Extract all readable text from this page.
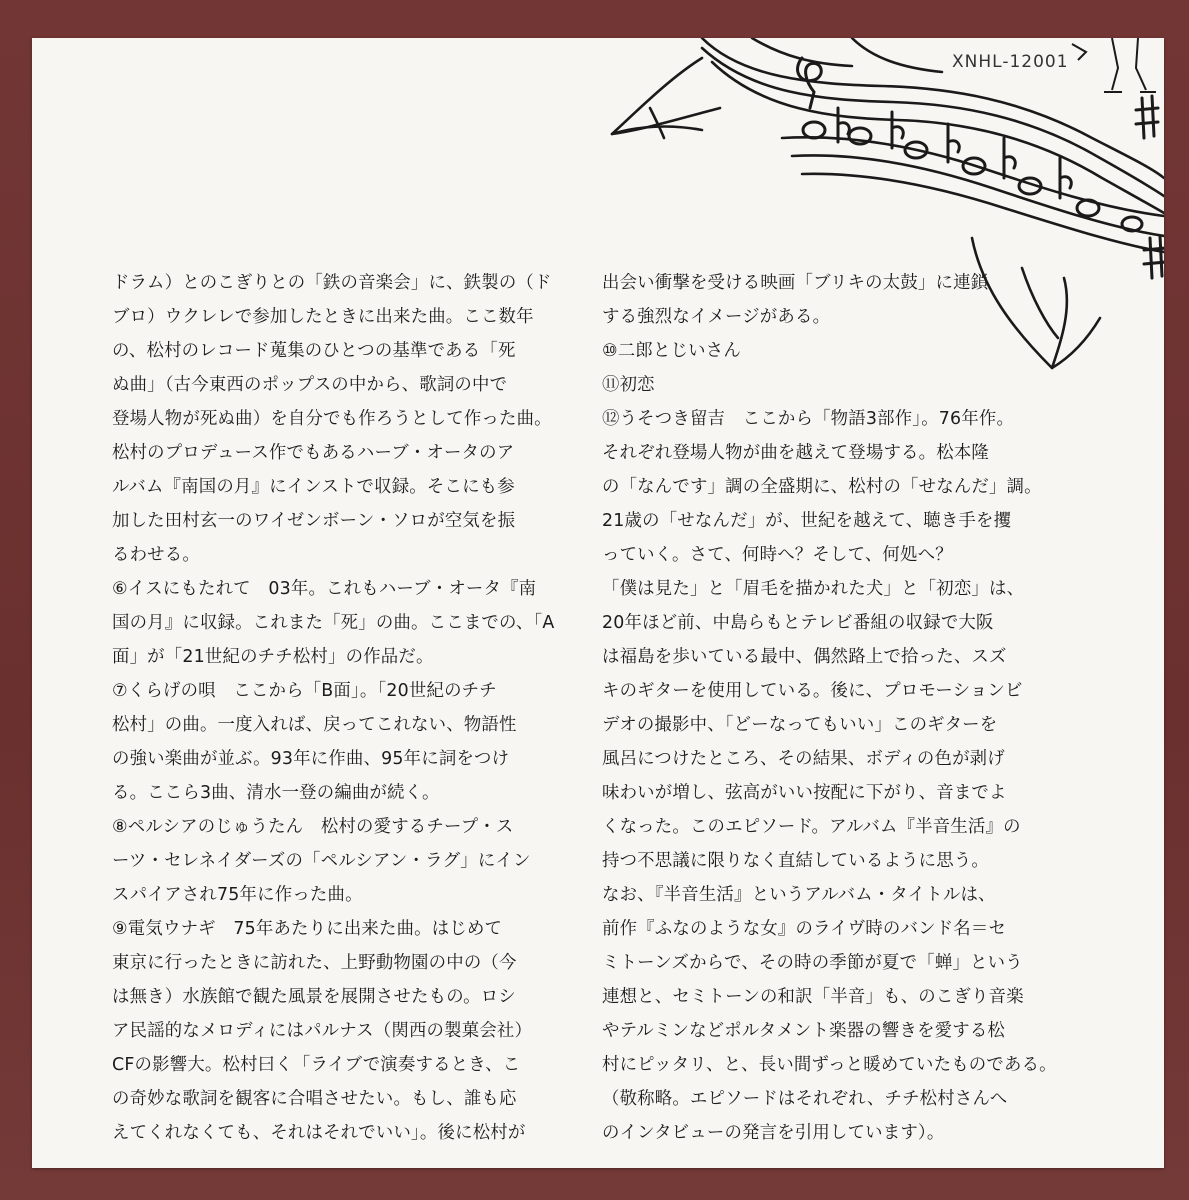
XNHL-12001
ドラム）とのこぎりとの「鉄の音楽会」に、鉄製の（ド
ブロ）ウクレレで参加したときに出来た曲。ここ数年
の、松村のレコード蒐集のひとつの基準である「死
ぬ曲」（古今東西のポップスの中から、歌詞の中で
登場人物が死ぬ曲）を自分でも作ろうとして作った曲。
松村のプロデュース作でもあるハーブ・オータのア
ルバム『南国の月』にインストで収録。そこにも参
加した田村玄一のワイゼンボーン・ソロが空気を振
るわせる。
⑥イスにもたれて　03年。これもハーブ・オータ『南
国の月』に収録。これまた「死」の曲。ここまでの、「A
面」が「21世紀のチチ松村」の作品だ。
⑦くらげの唄　ここから「B面」。「20世紀のチチ
松村」の曲。一度入れば、戻ってこれない、物語性
の強い楽曲が並ぶ。93年に作曲、95年に詞をつけ
る。ここら3曲、清水一登の編曲が続く。
⑧ペルシアのじゅうたん　松村の愛するチープ・ス
ーツ・セレネイダーズの「ペルシアン・ラグ」にイン
スパイアされ75年に作った曲。
⑨電気ウナギ　75年あたりに出来た曲。はじめて
東京に行ったときに訪れた、上野動物園の中の（今
は無き）水族館で観た風景を展開させたもの。ロシ
ア民謡的なメロディにはパルナス（関西の製菓会社）
CFの影響大。松村曰く「ライブで演奏するとき、こ
の奇妙な歌詞を観客に合唱させたい。もし、誰も応
えてくれなくても、それはそれでいい」。後に松村が
出会い衝撃を受ける映画「ブリキの太鼓」に連鎖
する強烈なイメージがある。
⑩二郎とじいさん
⑪初恋
⑫うそつき留吉　ここから「物語3部作」。76年作。
それぞれ登場人物が曲を越えて登場する。松本隆
の「なんです」調の全盛期に、松村の「せなんだ」調。
21歳の「せなんだ」が、世紀を越えて、聴き手を攫
っていく。さて、何時へ？そして、何処へ？
「僕は見た」と「眉毛を描かれた犬」と「初恋」は、
20年ほど前、中島らもとテレビ番組の収録で大阪
は福島を歩いている最中、偶然路上で拾った、スズ
キのギターを使用している。後に、プロモーションビ
デオの撮影中、「どーなってもいい」このギターを
風呂につけたところ、その結果、ボディの色が剥げ
味わいが増し、弦高がいい按配に下がり、音までよ
くなった。このエピソード。アルバム『半音生活』の
持つ不思議に限りなく直結しているように思う。
なお、『半音生活』というアルバム・タイトルは、
前作『ふなのような女』のライヴ時のバンド名＝セ
ミトーンズからで、その時の季節が夏で「蝉」という
連想と、セミトーンの和訳「半音」も、のこぎり音楽
やテルミンなどポルタメント楽器の響きを愛する松
村にピッタリ、と、長い間ずっと暖めていたものである。
（敬称略。エピソードはそれぞれ、チチ松村さんへ
のインタビューの発言を引用しています）。
